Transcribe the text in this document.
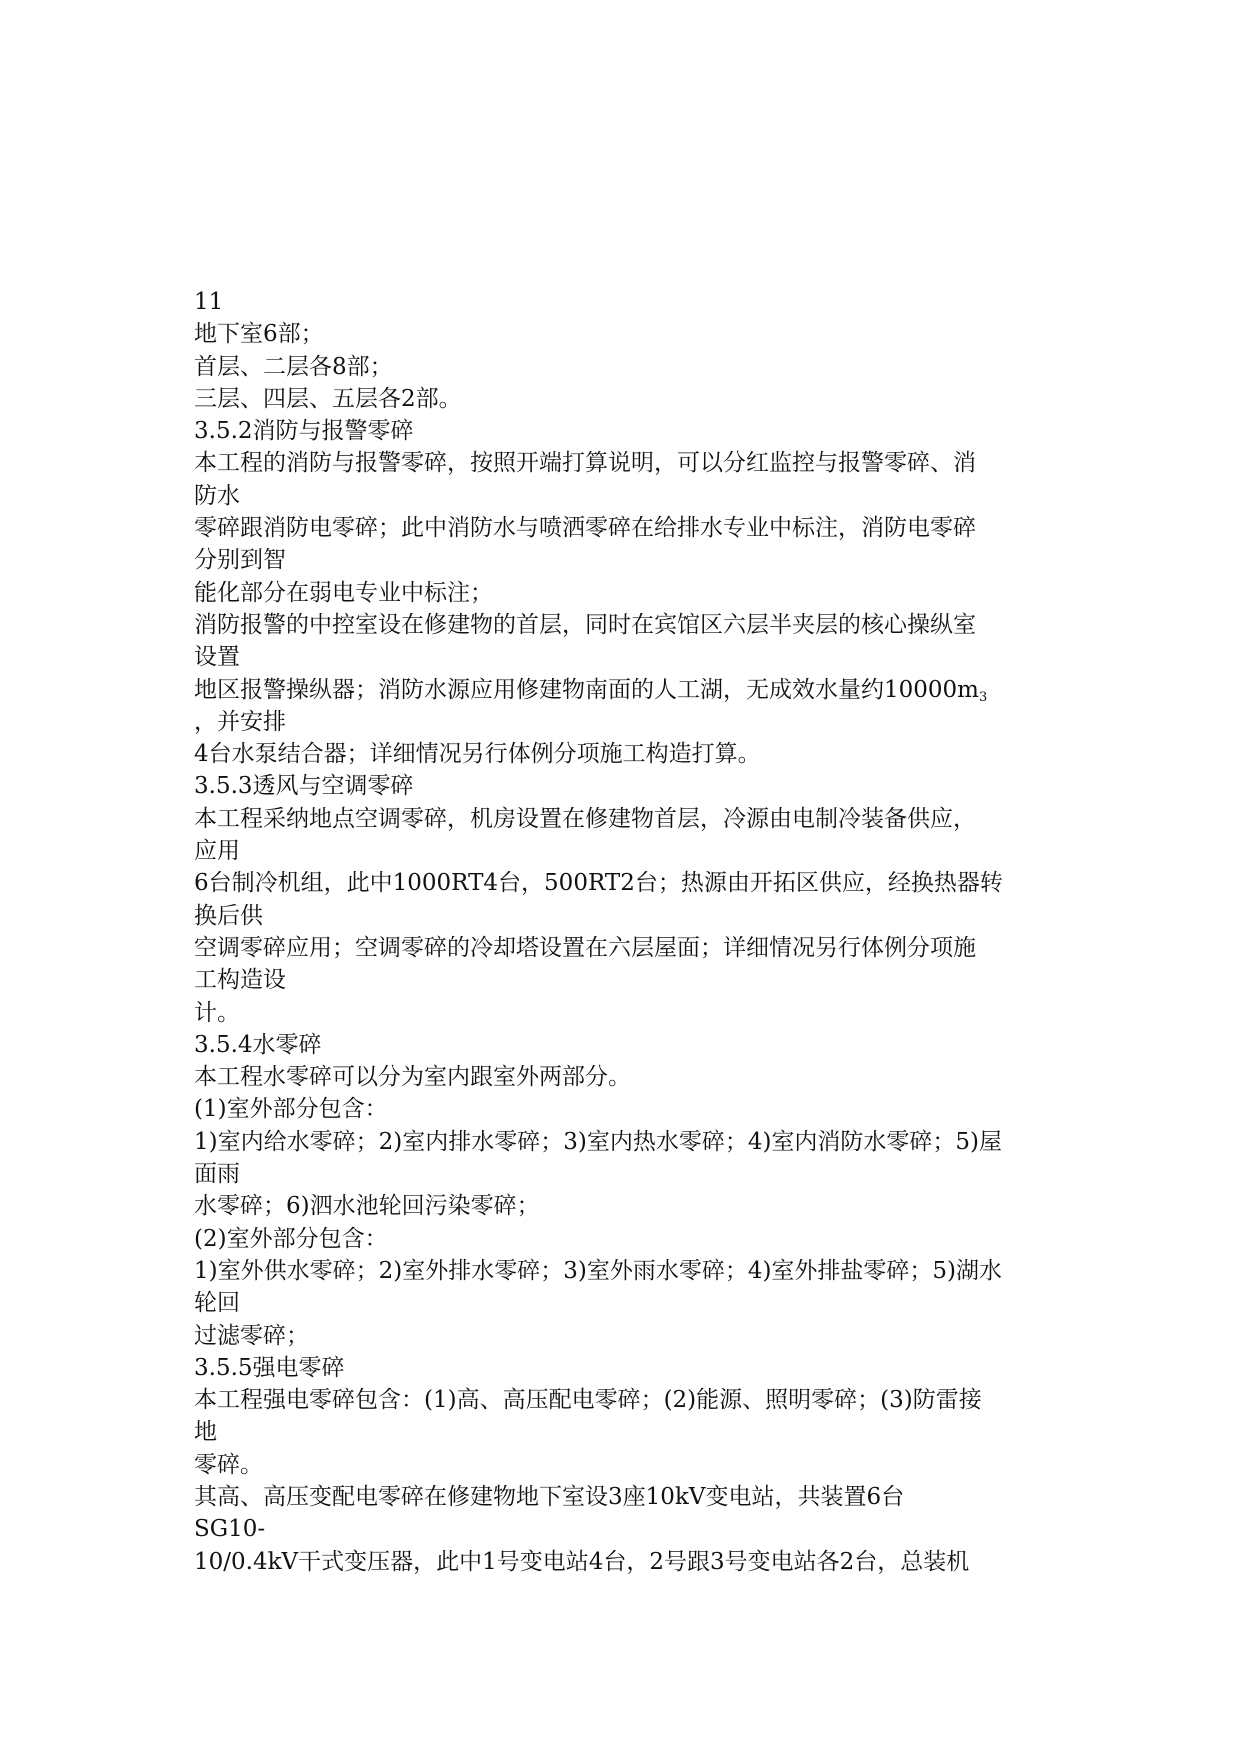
11
地下室6部；
首层、二层各8部；
三层、四层、五层各2部。
3.5.2消防与报警零碎
本工程的消防与报警零碎，按照开端打算说明，可以分红监控与报警零碎、消
防水
零碎跟消防电零碎；此中消防水与喷洒零碎在给排水专业中标注，消防电零碎
分别到智
能化部分在弱电专业中标注；
消防报警的中控室设在修建物的首层，同时在宾馆区六层半夹层的核心操纵室
设置
地区报警操纵器；消防水源应用修建物南面的人工湖，无成效水量约$10000m_3$
，并安排
4台水泵结合器；详细情况另行体例分项施工构造打算。
3.5.3透风与空调零碎
本工程采纳地点空调零碎，机房设置在修建物首层，冷源由电制冷装备供应，
应用
6台制冷机组，此中1000RT4台，500RT2台；热源由开拓区供应，经换热器转
换后供
空调零碎应用；空调零碎的冷却塔设置在六层屋面；详细情况另行体例分项施
工构造设
计。
3.5.4水零碎
本工程水零碎可以分为室内跟室外两部分。
(1)室外部分包含：
1)室内给水零碎；2)室内排水零碎；3)室内热水零碎；4)室内消防水零碎；5)屋
面雨
水零碎；6)泗水池轮回污染零碎；
(2)室外部分包含：
1)室外供水零碎；2)室外排水零碎；3)室外雨水零碎；4)室外排盐零碎；5)湖水
轮回
过滤零碎；
3.5.5强电零碎
本工程强电零碎包含：(1)高、高压配电零碎；(2)能源、照明零碎；(3)防雷接
地
零碎。
其高、高压变配电零碎在修建物地下室设3座10kV变电站，共装置6台
SG10-
10/0.4kV干式变压器，此中1号变电站4台，2号跟3号变电站各2台，总装机
